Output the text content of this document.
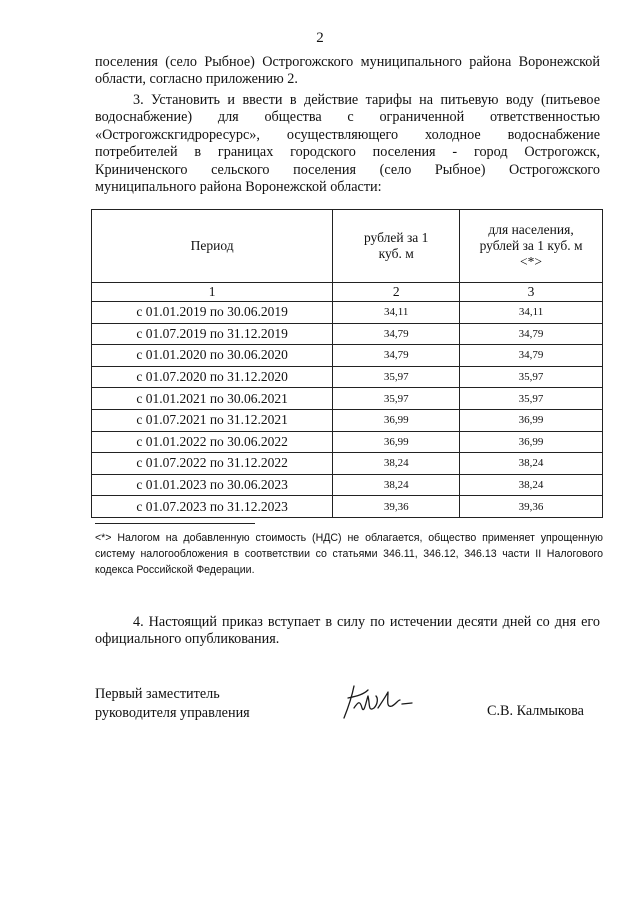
2
поселения (село Рыбное) Острогожского муниципального района Воронежской области, согласно приложению 2.
3. Установить и ввести в действие тарифы на питьевую воду (питьевое водоснабжение) для общества с ограниченной ответственностью «Острогожскгидроресурс», осуществляющего холодное водоснабжение потребителей в границах городского поселения - город Острогожск, Криниченского сельского поселения (село Рыбное) Острогожского муниципального района Воронежской области:
Период	рублей за 1 куб. м	для населения, рублей за 1 куб. м <*>

1	2	3
с 01.01.2019 по 30.06.2019	34,11	34,11
с 01.07.2019 по 31.12.2019	34,79	34,79
с 01.01.2020 по 30.06.2020	34,79	34,79
с 01.07.2020 по 31.12.2020	35,97	35,97
с 01.01.2021 по 30.06.2021	35,97	35,97
с 01.07.2021 по 31.12.2021	36,99	36,99
с 01.01.2022 по 30.06.2022	36,99	36,99
с 01.07.2022 по 31.12.2022	38,24	38,24
с 01.01.2023 по 30.06.2023	38,24	38,24
с 01.07.2023 по 31.12.2023	39,36	39,36
<*> Налогом на добавленную стоимость (НДС) не облагается, общество применяет упрощенную систему налогообложения в соответствии со статьями 346.11, 346.12, 346.13 части II Налогового кодекса Российской Федерации.
4. Настоящий приказ вступает в силу по истечении десяти дней со дня его официального опубликования.
Первый заместитель
руководителя управления	С.В. Калмыкова
